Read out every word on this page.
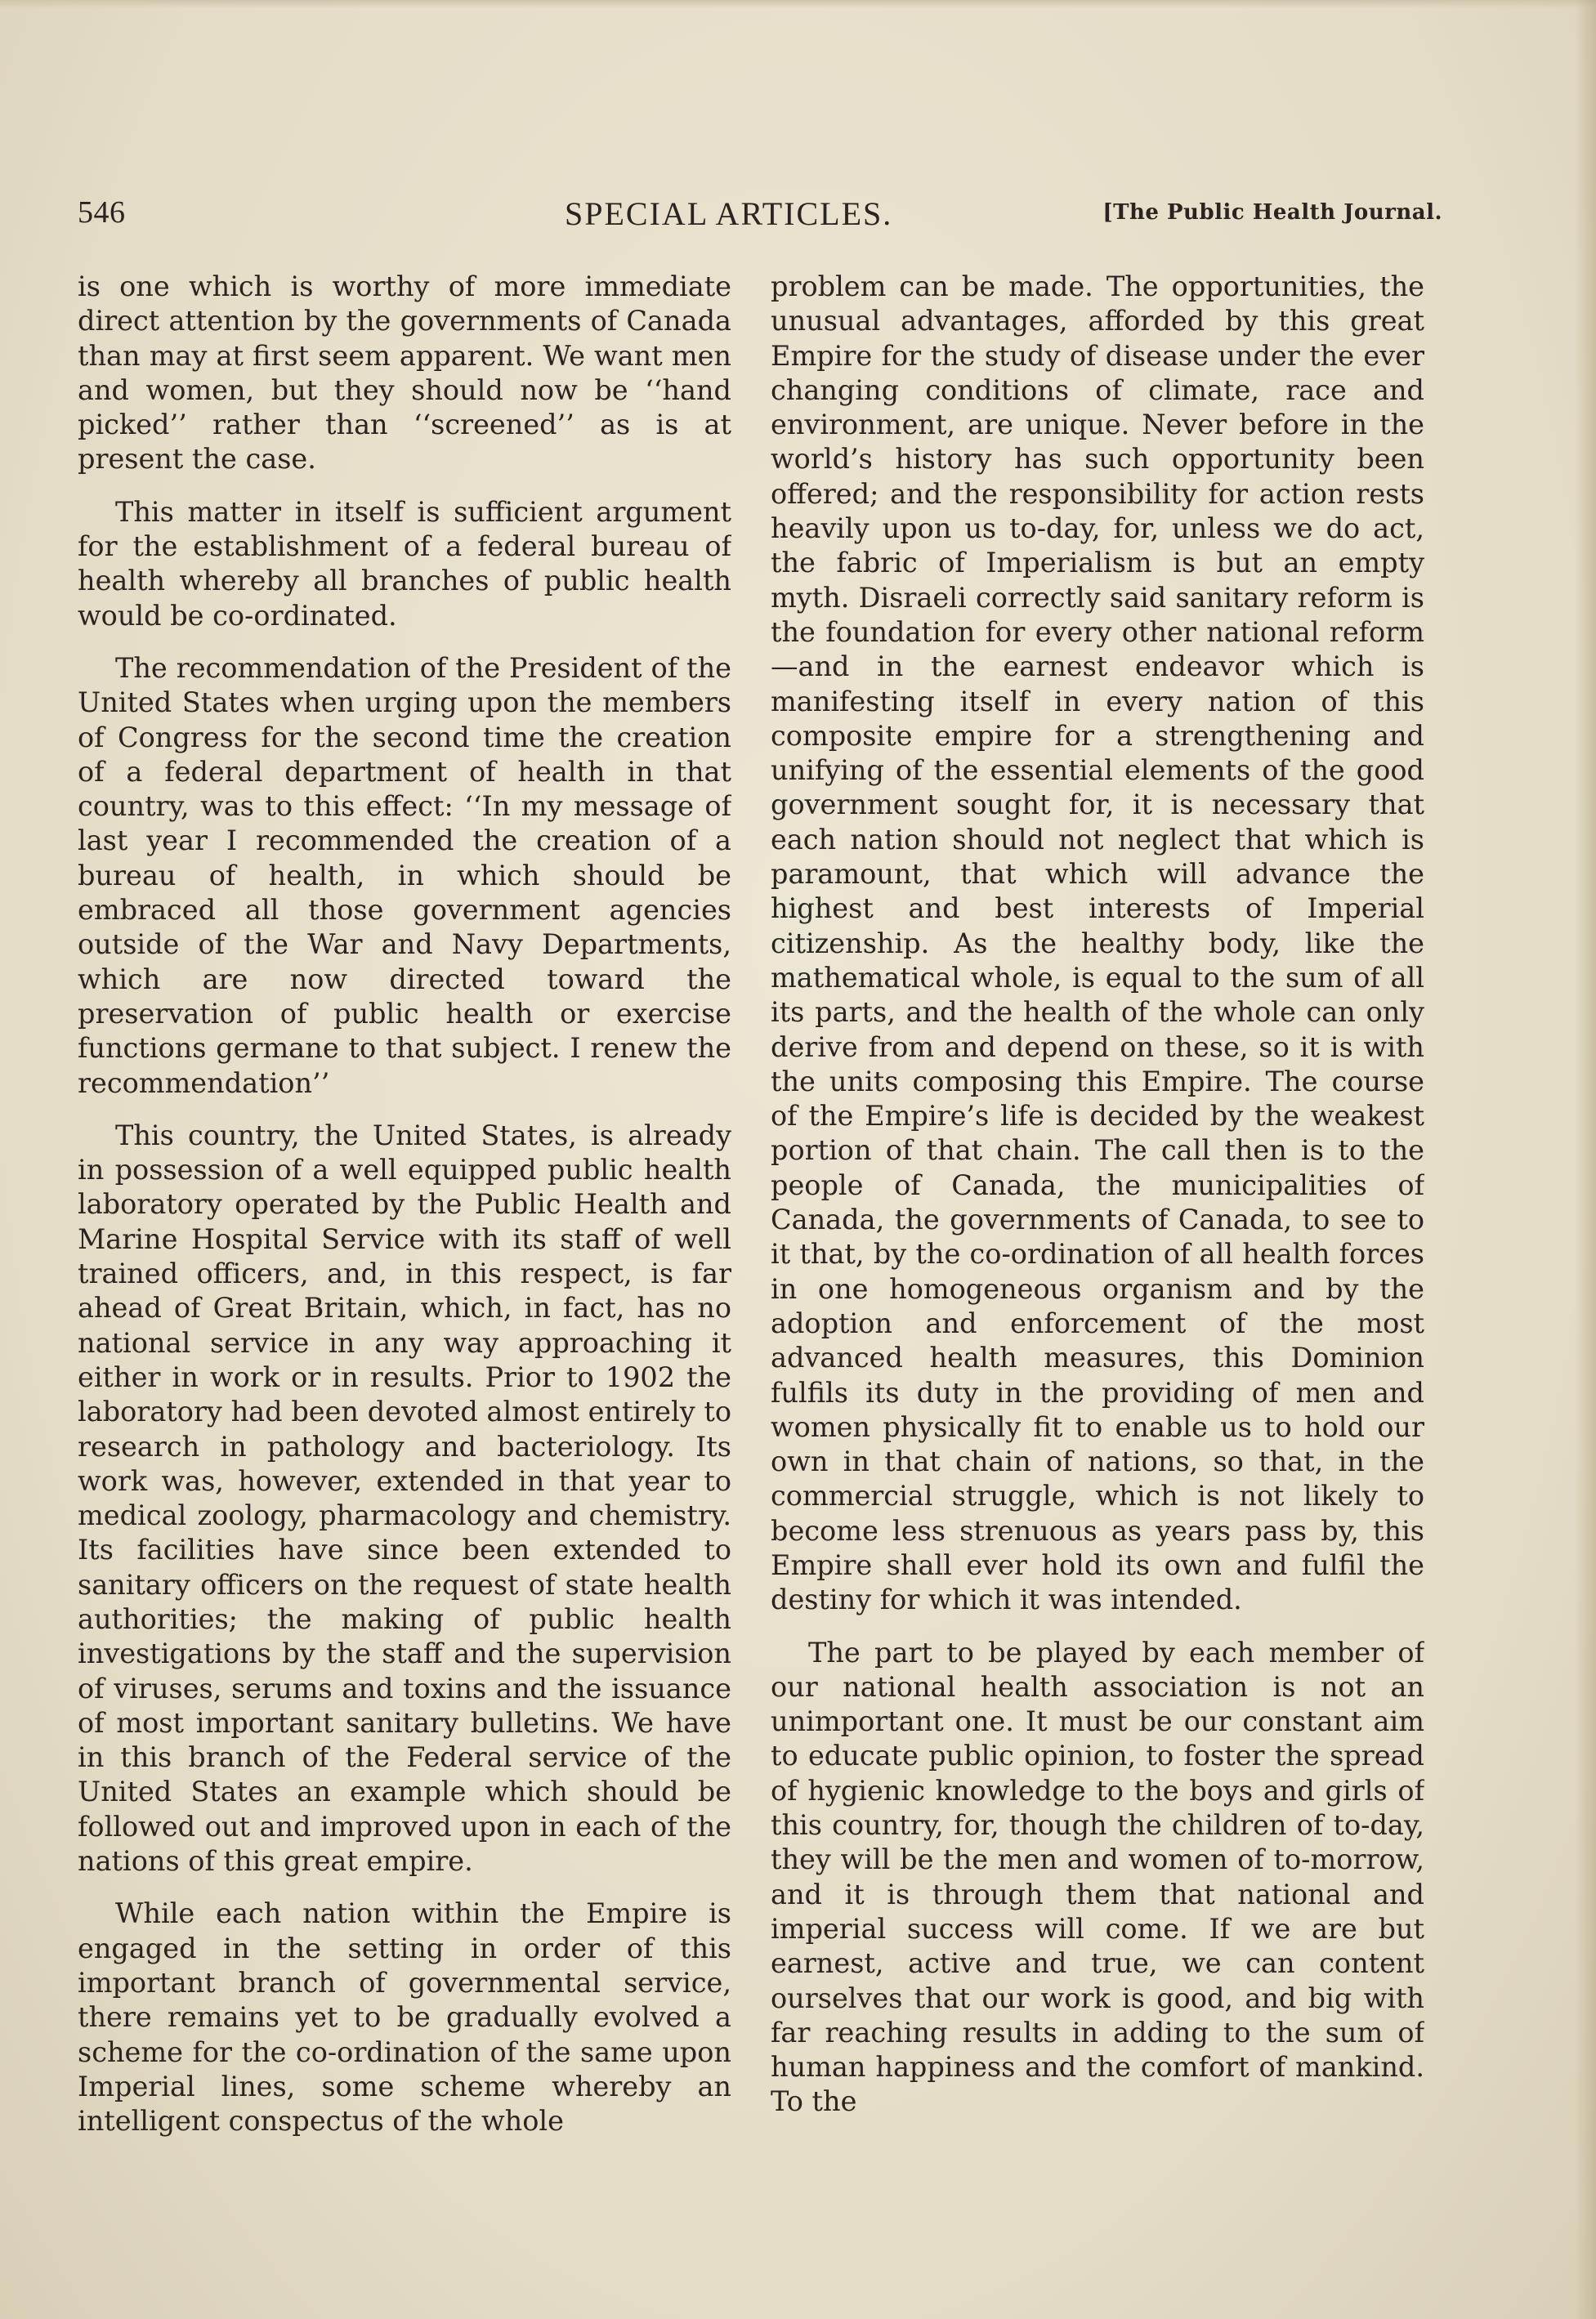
546	SPECIAL ARTICLES.	[The Public Health Journal.

is one which is worthy of more immediate direct attention by the governments of Canada than may at first seem apparent. We want men and women, but they should now be ‘‘hand picked’’ rather than ‘‘screened’’ as is at present the case.

This matter in itself is sufficient argument for the establishment of a federal bureau of health whereby all branches of public health would be co-ordinated.

The recommendation of the President of the United States when urging upon the members of Congress for the second time the creation of a federal department of health in that country, was to this effect: ‘‘In my message of last year I recommended the creation of a bureau of health, in which should be embraced all those government agencies outside of the War and Navy Departments, which are now directed toward the preservation of public health or exercise functions germane to that subject. I renew the recommendation’’

This country, the United States, is already in possession of a well equipped public health laboratory operated by the Public Health and Marine Hospital Service with its staff of well trained officers, and, in this respect, is far ahead of Great Britain, which, in fact, has no national service in any way approaching it either in work or in results. Prior to 1902 the laboratory had been devoted almost entirely to research in pathology and bacteriology. Its work was, however, extended in that year to medical zoology, pharmacology and chemistry. Its facilities have since been extended to sanitary officers on the request of state health authorities; the making of public health investigations by the staff and the supervision of viruses, serums and toxins and the issuance of most important sanitary bulletins. We have in this branch of the Federal service of the United States an example which should be followed out and improved upon in each of the nations of this great empire.

While each nation within the Empire is engaged in the setting in order of this important branch of governmental service, there remains yet to be gradually evolved a scheme for the co-ordination of the same upon Imperial lines, some scheme whereby an intelligent conspectus of the whole

problem can be made. The opportunities, the unusual advantages, afforded by this great Empire for the study of disease under the ever changing conditions of climate, race and environment, are unique. Never before in the world’s history has such opportunity been offered; and the responsibility for action rests heavily upon us to-day, for, unless we do act, the fabric of Imperialism is but an empty myth. Disraeli correctly said sanitary reform is the foundation for every other national reform —and in the earnest endeavor which is manifesting itself in every nation of this composite empire for a strengthening and unifying of the essential elements of the good government sought for, it is necessary that each nation should not neglect that which is paramount, that which will advance the highest and best interests of Imperial citizenship. As the healthy body, like the mathematical whole, is equal to the sum of all its parts, and the health of the whole can only derive from and depend on these, so it is with the units composing this Empire. The course of the Empire’s life is decided by the weakest portion of that chain. The call then is to the people of Canada, the municipalities of Canada, the governments of Canada, to see to it that, by the co-ordination of all health forces in one homogeneous organism and by the adoption and enforcement of the most advanced health measures, this Dominion fulfils its duty in the providing of men and women physically fit to enable us to hold our own in that chain of nations, so that, in the commercial struggle, which is not likely to become less strenuous as years pass by, this Empire shall ever hold its own and fulfil the destiny for which it was intended.

The part to be played by each member of our national health association is not an unimportant one. It must be our constant aim to educate public opinion, to foster the spread of hygienic knowledge to the boys and girls of this country, for, though the children of to-day, they will be the men and women of to-morrow, and it is through them that national and imperial success will come. If we are but earnest, active and true, we can content ourselves that our work is good, and big with far reaching results in adding to the sum of human happiness and the comfort of mankind. To the
